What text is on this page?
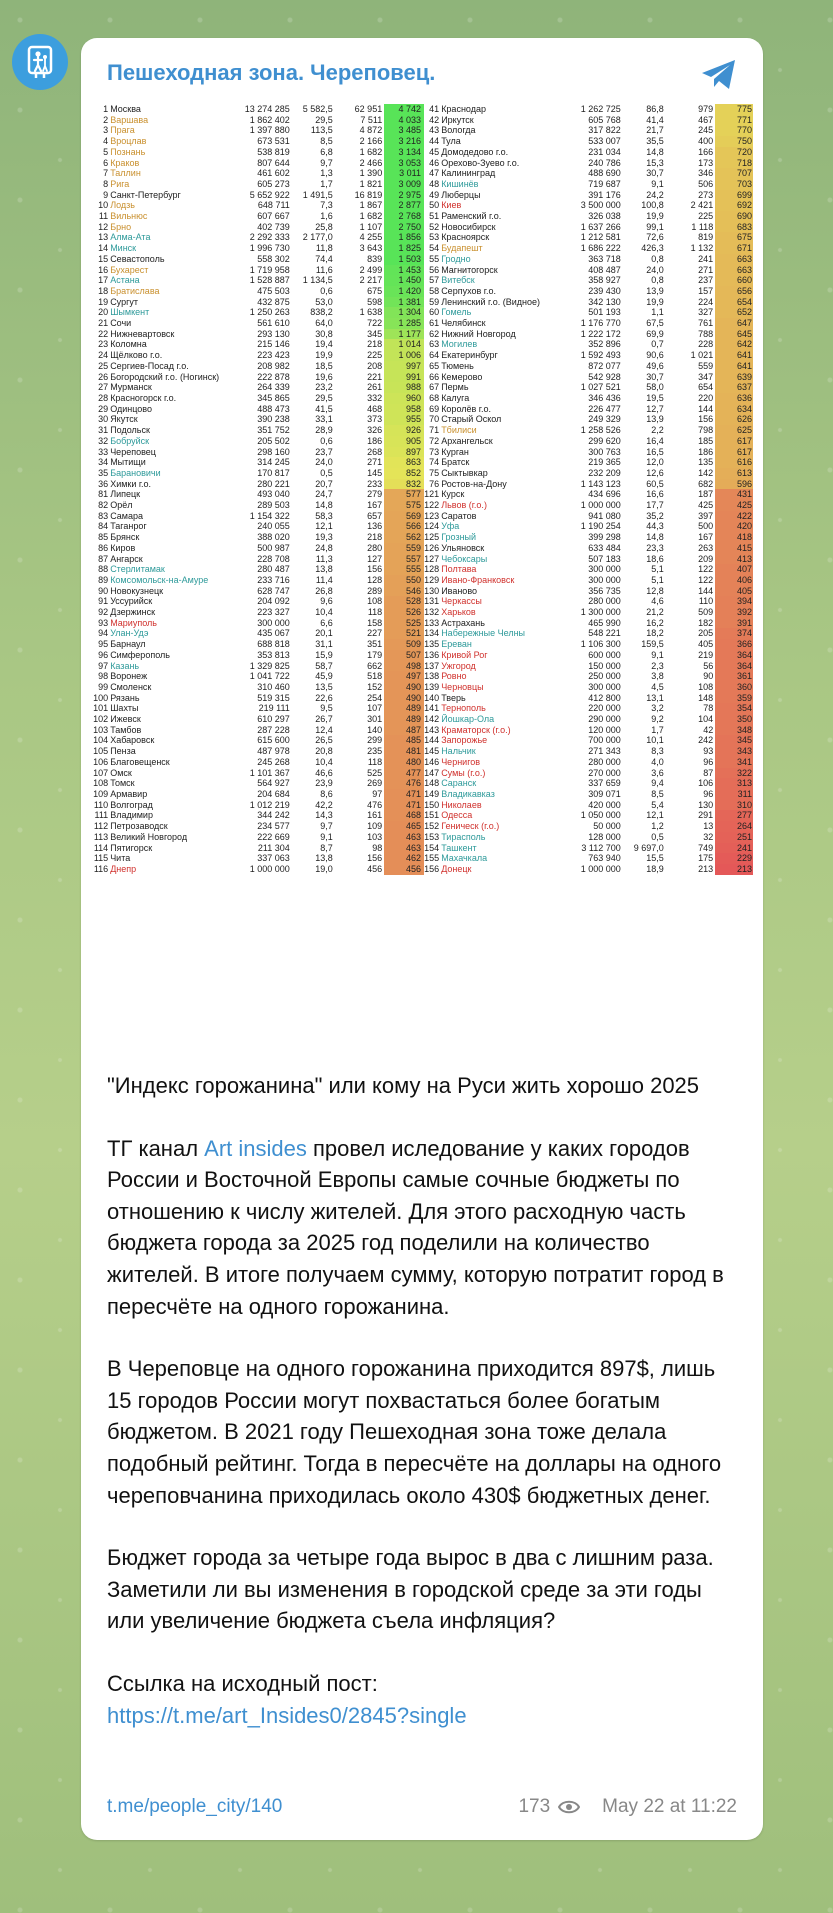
Пешеходная зона. Череповец.
1	Москва	13 274 285	5 582,5	62 951	4 742
2	Варшава	1 862 402	29,5	7 511	4 033
3	Прага	1 397 880	113,5	4 872	3 485
4	Вроцлав	673 531	8,5	2 166	3 216
5	Познань	538 819	6,8	1 682	3 134
6	Краков	807 644	9,7	2 466	3 053
7	Таллин	461 602	1,3	1 390	3 011
8	Рига	605 273	1,7	1 821	3 009
9	Санкт-Петербург	5 652 922	1 491,5	16 819	2 975
10	Лодзь	648 711	7,3	1 867	2 877
11	Вильнюс	607 667	1,6	1 682	2 768
12	Брно	402 739	25,8	1 107	2 750
13	Алма-Ата	2 292 333	2 177,0	4 255	1 856
14	Минск	1 996 730	11,8	3 643	1 825
15	Севастополь	558 302	74,4	839	1 503
16	Бухарест	1 719 958	11,6	2 499	1 453
17	Астана	1 528 887	1 134,5	2 217	1 450
18	Братислава	475 503	0,6	675	1 420
19	Сургут	432 875	53,0	598	1 381
20	Шымкент	1 250 263	838,2	1 638	1 304
21	Сочи	561 610	64,0	722	1 285
22	Нижневартовск	293 130	30,8	345	1 177
23	Коломна	215 146	19,4	218	1 014
24	Щёлково г.о.	223 423	19,9	225	1 006
25	Сергиев-Посад г.о.	208 982	18,5	208	997
26	Богородский г.о. (Ногинск)	222 878	19,6	221	991
27	Мурманск	264 339	23,2	261	988
28	Красногорск г.о.	345 865	29,5	332	960
29	Одинцово	488 473	41,5	468	958
30	Якутск	390 238	33,1	373	955
31	Подольск	351 752	28,9	326	926
32	Бобруйск	205 502	0,6	186	905
33	Череповец	298 160	23,7	268	897
34	Мытищи	314 245	24,0	271	863
35	Барановичи	170 817	0,5	145	852
36	Химки г.о.	280 221	20,7	233	832
81	Липецк	493 040	24,7	279	577
82	Орёл	289 503	14,8	167	575
83	Самара	1 154 322	58,3	657	569
84	Таганрог	240 055	12,1	136	566
85	Брянск	388 020	19,3	218	562
86	Киров	500 987	24,8	280	559
87	Ангарск	228 708	11,3	127	557
88	Стерлитамак	280 487	13,8	156	555
89	Комсомольск-на-Амуре	233 716	11,4	128	550
90	Новокузнецк	628 747	26,8	289	546
91	Уссурийск	204 092	9,6	108	528
92	Дзержинск	223 327	10,4	118	526
93	Мариуполь	300 000	6,6	158	525
94	Улан-Удэ	435 067	20,1	227	521
95	Барнаул	688 818	31,1	351	509
96	Симферополь	353 813	15,9	179	507
97	Казань	1 329 825	58,7	662	498
98	Воронеж	1 041 722	45,9	518	497
99	Смоленск	310 460	13,5	152	490
100	Рязань	519 315	22,6	254	490
101	Шахты	219 111	9,5	107	489
102	Ижевск	610 297	26,7	301	489
103	Тамбов	287 228	12,4	140	487
104	Хабаровск	615 600	26,5	299	485
105	Пенза	487 978	20,8	235	481
106	Благовещенск	245 268	10,4	118	480
107	Омск	1 101 367	46,6	525	477
108	Томск	564 927	23,9	269	476
109	Армавир	204 684	8,6	97	471
110	Волгоград	1 012 219	42,2	476	471
111	Владимир	344 242	14,3	161	468
112	Петрозаводск	234 577	9,7	109	465
113	Великий Новгород	222 669	9,1	103	463
114	Пятигорск	211 304	8,7	98	463
115	Чита	337 063	13,8	156	462
116	Днепр	1 000 000	19,0	456	456
41	Краснодар	1 262 725	86,8	979	775
42	Иркутск	605 768	41,4	467	771
43	Вологда	317 822	21,7	245	770
44	Тула	533 007	35,5	400	750
45	Домодедово г.о.	231 034	14,8	166	720
46	Орехово-Зуево г.о.	240 786	15,3	173	718
47	Калининград	488 690	30,7	346	707
48	Кишинёв	719 687	9,1	506	703
49	Люберцы	391 176	24,2	273	699
50	Киев	3 500 000	100,8	2 421	692
51	Раменский г.о.	326 038	19,9	225	690
52	Новосибирск	1 637 266	99,1	1 118	683
53	Красноярск	1 212 581	72,6	819	675
54	Будапешт	1 686 222	426,3	1 132	671
55	Гродно	363 718	0,8	241	663
56	Магнитогорск	408 487	24,0	271	663
57	Витебск	358 927	0,8	237	660
58	Серпухов г.о.	239 430	13,9	157	656
59	Ленинский г.о. (Видное)	342 130	19,9	224	654
60	Гомель	501 193	1,1	327	652
61	Челябинск	1 176 770	67,5	761	647
62	Нижний Новгород	1 222 172	69,9	788	645
63	Могилев	352 896	0,7	228	642
64	Екатеринбург	1 592 493	90,6	1 021	641
65	Тюмень	872 077	49,6	559	641
66	Кемерово	542 928	30,7	347	639
67	Пермь	1 027 521	58,0	654	637
68	Калуга	346 436	19,5	220	636
69	Королёв г.о.	226 477	12,7	144	634
70	Старый Оскол	249 329	13,9	156	626
71	Тбилиси	1 258 526	2,2	798	625
72	Архангельск	299 620	16,4	185	617
73	Курган	300 763	16,5	186	617
74	Братск	219 365	12,0	135	616
75	Сыктывкар	232 209	12,6	142	613
76	Ростов-на-Дону	1 143 123	60,5	682	596
121	Курск	434 696	16,6	187	431
122	Львов (г.о.)	1 000 000	17,7	425	425
123	Саратов	941 080	35,2	397	422
124	Уфа	1 190 254	44,3	500	420
125	Грозный	399 298	14,8	167	418
126	Ульяновск	633 484	23,3	263	415
127	Чебоксары	507 183	18,6	209	413
128	Полтава	300 000	5,1	122	407
129	Ивано-Франковск	300 000	5,1	122	406
130	Иваново	356 735	12,8	144	405
131	Черкассы	280 000	4,6	110	394
132	Харьков	1 300 000	21,2	509	392
133	Астрахань	465 990	16,2	182	391
134	Набережные Челны	548 221	18,2	205	374
135	Ереван	1 106 300	159,5	405	366
136	Кривой Рог	600 000	9,1	219	364
137	Ужгород	150 000	2,3	56	364
138	Ровно	250 000	3,8	90	361
139	Черновцы	300 000	4,5	108	360
140	Тверь	412 800	13,1	148	359
141	Тернополь	220 000	3,2	78	354
142	Йошкар-Ола	290 000	9,2	104	350
143	Краматорск (г.о.)	120 000	1,7	42	348
144	Запорожье	700 000	10,1	242	345
145	Нальчик	271 343	8,3	93	343
146	Чернигов	280 000	4,0	96	341
147	Сумы (г.о.)	270 000	3,6	87	322
148	Саранск	337 659	9,4	106	313
149	Владикавказ	309 071	8,5	96	311
150	Николаев	420 000	5,4	130	310
151	Одесса	1 050 000	12,1	291	277
152	Геническ (г.о.)	50 000	1,2	13	264
153	Тирасполь	128 000	0,5	32	251
154	Ташкент	3 112 700	9 697,0	749	241
155	Махачкала	763 940	15,5	175	229
156	Донецк	1 000 000	18,9	213	213

"Индекс горожанина" или кому на Руси жить хорошо 2025

ТГ канал Art insides провел иследование у каких городов России и Восточной Европы самые сочные бюджеты по отношению к числу жителей. Для этого расходную часть бюджета города за 2025 год поделили на количество жителей. В итоге получаем сумму, которую потратит город в пересчёте на одного горожанина.

В Череповце на одного горожанина приходится 897$, лишь 15 городов России могут похвастаться более богатым бюджетом. В 2021 году Пешеходная зона тоже делала подобный рейтинг. Тогда в пересчёте на доллары на одного череповчанина приходилась около 430$ бюджетных денег.

Бюджет города за четыре года вырос в два с лишним раза. Заметили ли вы изменения в городской среде за эти годы или увеличение бюджета съела инфляция?

Ссылка на исходный пост:
https://t.me/art_Insides0/2845?single

t.me/people_city/140	173	May 22 at 11:22
